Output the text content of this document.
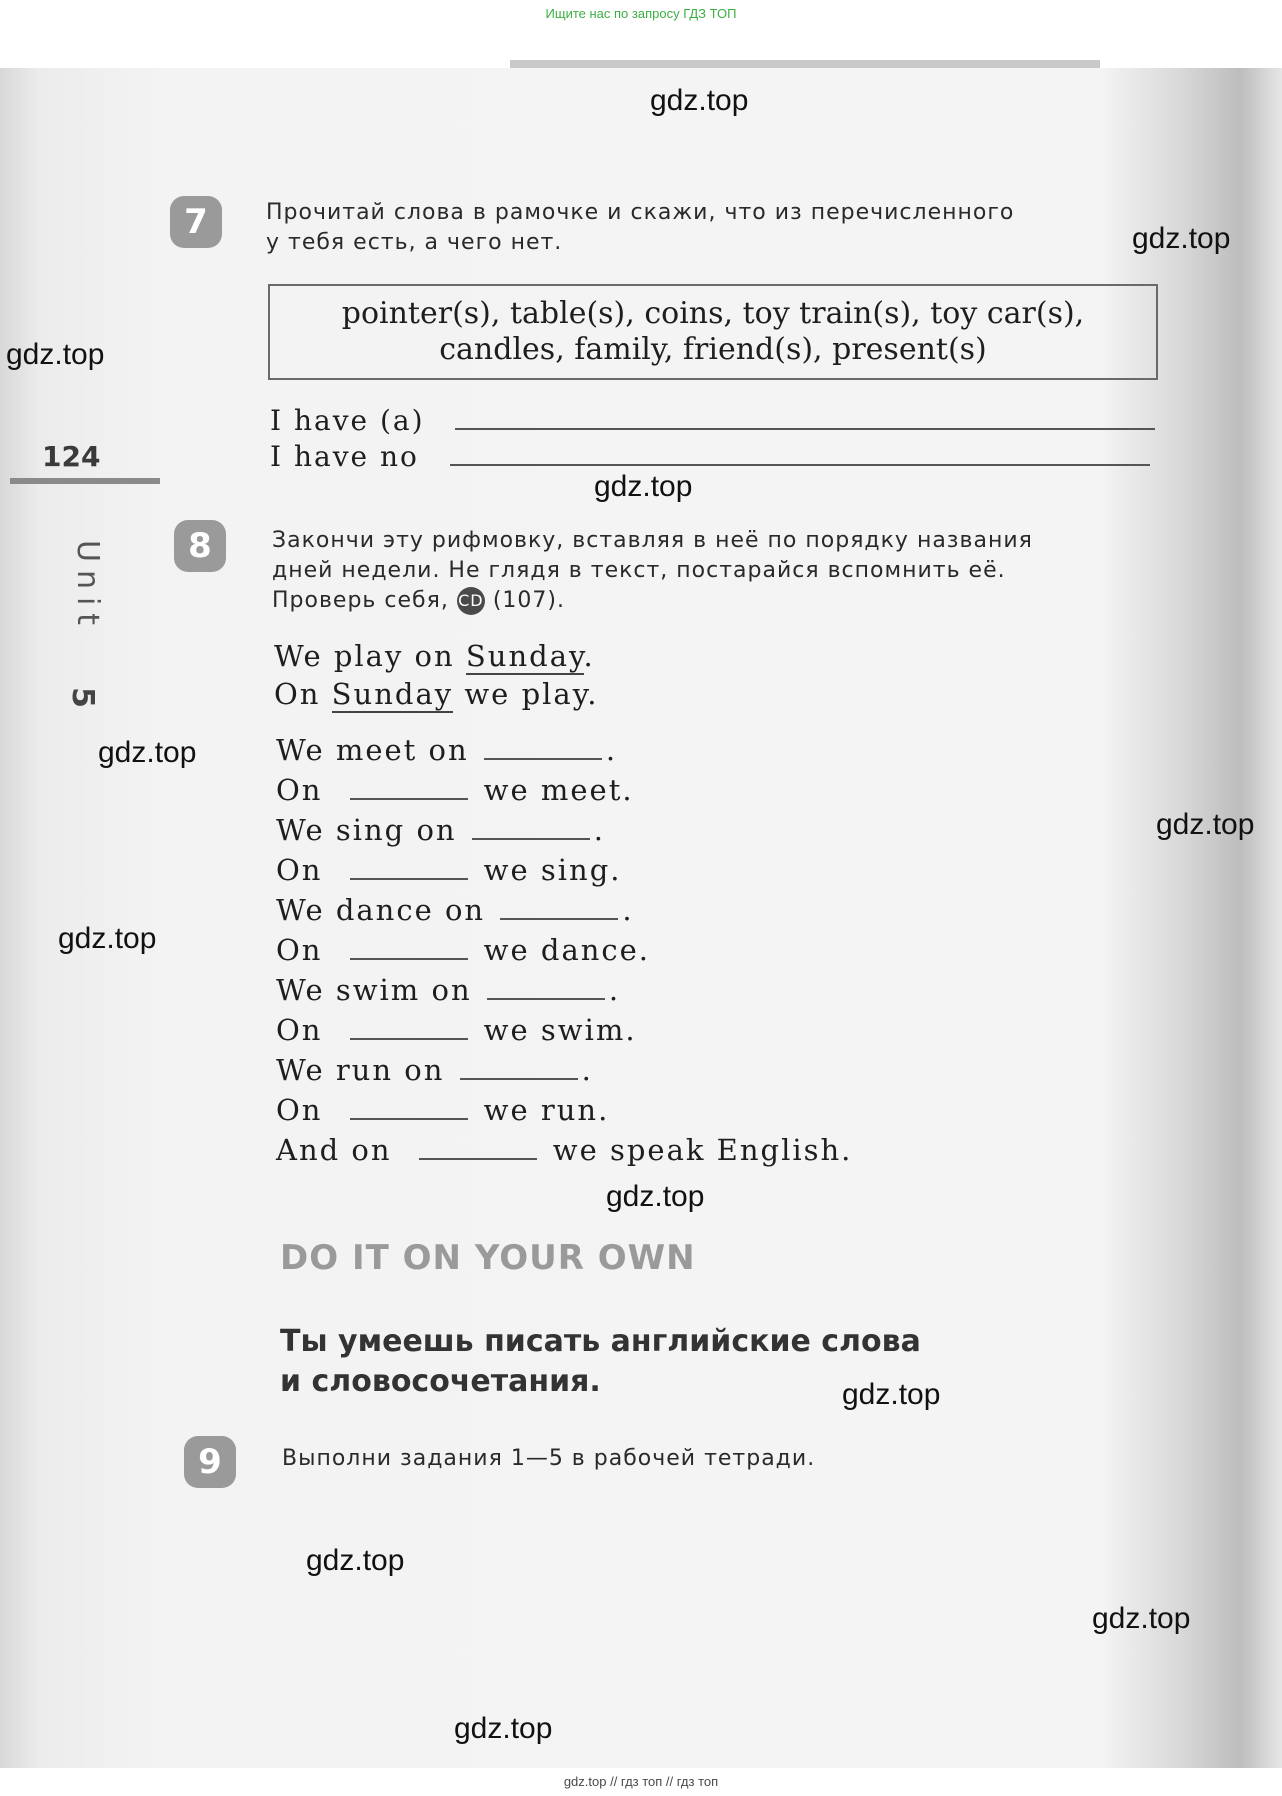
Ищите нас по запросу ГДЗ ТОП
gdz.top
gdz.top
gdz.top
gdz.top
gdz.top
gdz.top
gdz.top
gdz.top
gdz.top
gdz.top
gdz.top
gdz.top
124
Unit
5
7	Прочитай слова в рамочке и скажи, что из перечисленного
у тебя есть, а чего нет.
pointer(s), table(s), coins, toy train(s), toy car(s),
candles, family, friend(s), present(s)
I have (a)
I have no
8	Закончи эту рифмовку, вставляя в неё по порядку названия
дней недели. Не глядя в текст, постарайся вспомнить её.
Проверь себя, CD (107).
We play on Sunday.
On Sunday we play.
We meet on	.
On	we meet.
We sing on	.
On	we sing.
We dance on	.
On	we dance.
We swim on	.
On	we swim.
We run on	.
On	we run.
And on	we speak English.
DO IT ON YOUR OWN
Ты умеешь писать английские слова
и словосочетания.
9	Выполни задания 1—5 в рабочей тетради.
gdz.top // гдз топ // гдз топ
